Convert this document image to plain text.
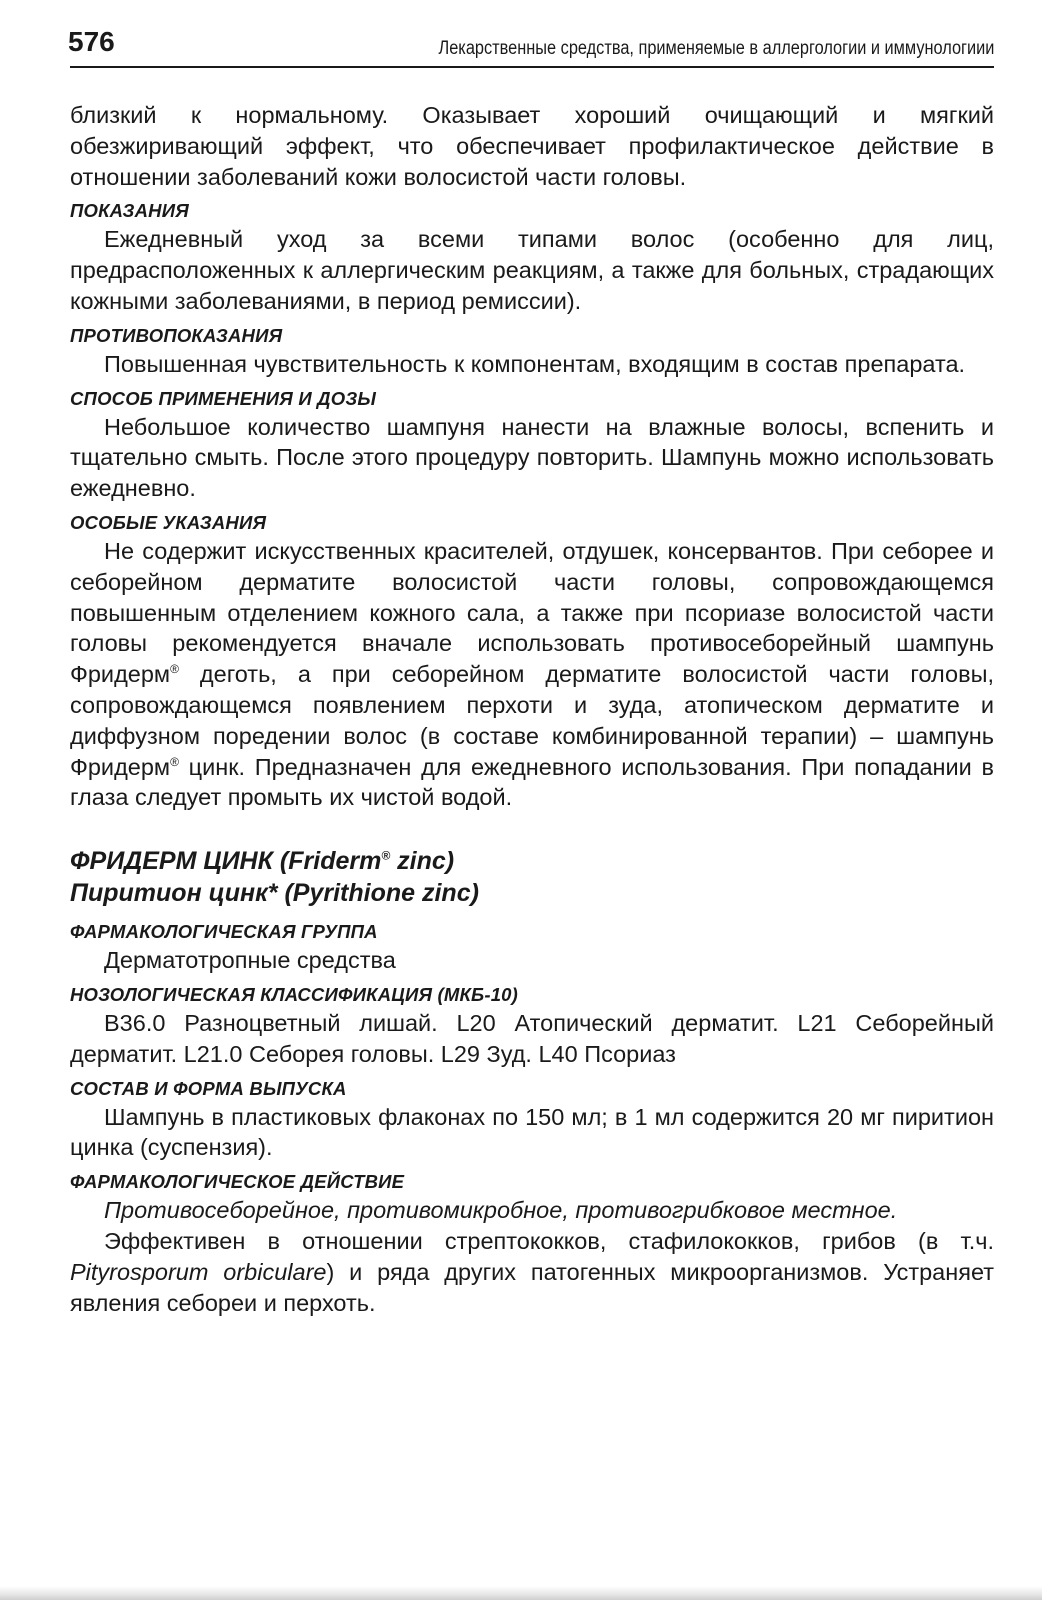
576	Лекарственные средства, применяемые в аллергологии и иммунологиии

близкий к нормальному. Оказывает хороший очищающий и мягкий обезжиривающий эффект, что обеспечивает профилактическое действие в отношении заболеваний кожи волосистой части головы.

ПОКАЗАНИЯ

Ежедневный уход за всеми типами волос (особенно для лиц, предрасположенных к аллергическим реакциям, а также для больных, страдающих кожными заболеваниями, в период ремиссии).

ПРОТИВОПОКАЗАНИЯ

Повышенная чувствительность к компонентам, входящим в состав препарата.

СПОСОБ ПРИМЕНЕНИЯ И ДОЗЫ

Небольшое количество шампуня нанести на влажные волосы, вспенить и тщательно смыть. После этого процедуру повторить. Шампунь можно использовать ежедневно.

ОСОБЫЕ УКАЗАНИЯ

Не содержит искусственных красителей, отдушек, консервантов. При себорее и себорейном дерматите волосистой части головы, сопровождающемся повышенным отделением кожного сала, а также при псориазе волосистой части головы рекомендуется вначале использовать противосеборейный шампунь Фридерм® деготь, а при себорейном дерматите волосистой части головы, сопровождающемся появлением перхоти и зуда, атопическом дерматите и диффузном поредении волос (в составе комбинированной терапии) – шампунь Фридерм® цинк. Предназначен для ежедневного использования. При попадании в глаза следует промыть их чистой водой.

ФРИДЕРМ ЦИНК (Friderm® zinc)
Пиритион цинк* (Pyrithione zinc)
ФАРМАКОЛОГИЧЕСКАЯ ГРУППА

Дерматотропные средства

НОЗОЛОГИЧЕСКАЯ КЛАССИФИКАЦИЯ (МКБ-10)

B36.0 Разноцветный лишай. L20 Атопический дерматит. L21 Себорейный дерматит. L21.0 Себорея головы. L29 Зуд. L40 Псориаз

СОСТАВ И ФОРМА ВЫПУСКА

Шампунь в пластиковых флаконах по 150 мл; в 1 мл содержится 20 мг пиритион цинка (суспензия).

ФАРМАКОЛОГИЧЕСКОЕ ДЕЙСТВИЕ

Противосеборейное, противомикробное, противогрибковое местное.

Эффективен в отношении стрептококков, стафилококков, грибов (в т.ч. Pityrosporum orbiculare) и ряда других патогенных микроорганизмов. Устраняет явления себореи и перхоть.
